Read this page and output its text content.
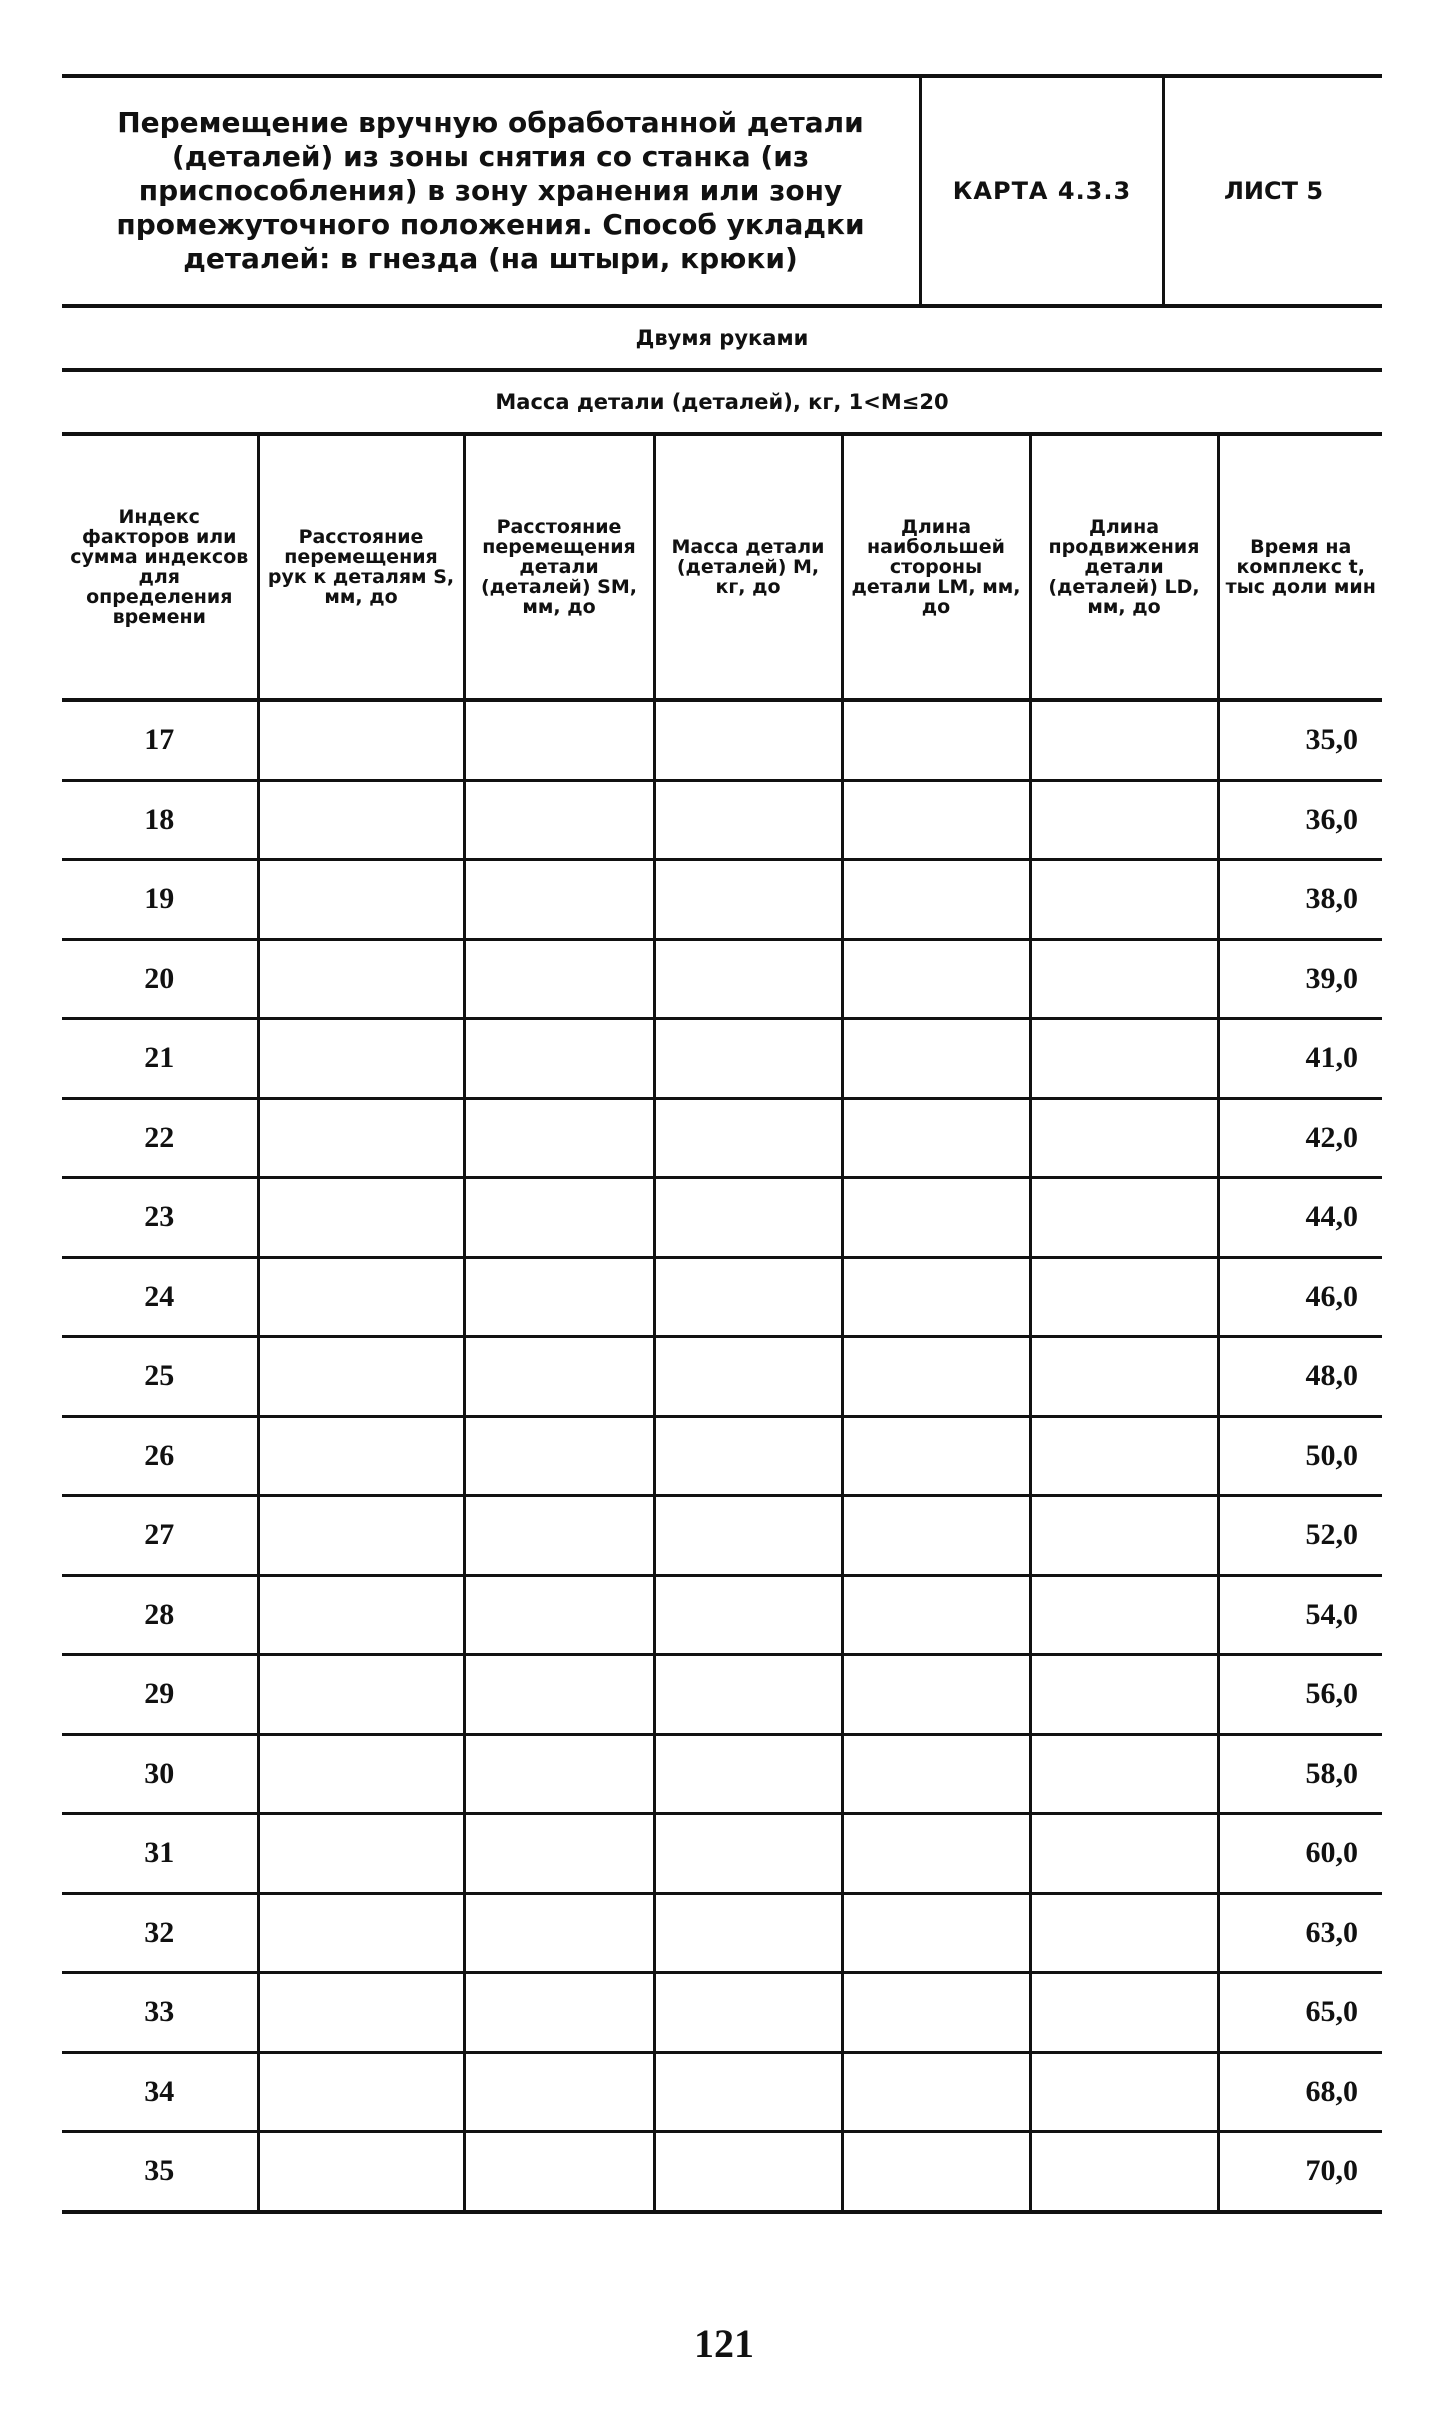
Перемещение вручную обработанной детали (деталей) из зоны снятия со станка (из приспособления) в зону хранения или зону промежуточного положения. Способ укладки деталей: в гнезда (на штыри, крюки)
КАРТА 4.3.3	ЛИСТ 5
Двумя руками
Масса детали (деталей), кг, 1<M≤20
Индекс факторов или сумма индексов для определения времени	Расстояние перемещения рук к деталям S, мм, до	Расстояние перемещения детали (деталей) SM, мм, до	Масса детали (деталей) M, кг, до	Длина наибольшей стороны детали LM, мм, до	Длина продвижения детали (деталей) LD, мм, до	Время на комплекс t, тыс доли мин
17						35,0
18						36,0
19						38,0
20						39,0
21						41,0
22						42,0
23						44,0
24						46,0
25						48,0
26						50,0
27						52,0
28						54,0
29						56,0
30						58,0
31						60,0
32						63,0
33						65,0
34						68,0
35						70,0
121
